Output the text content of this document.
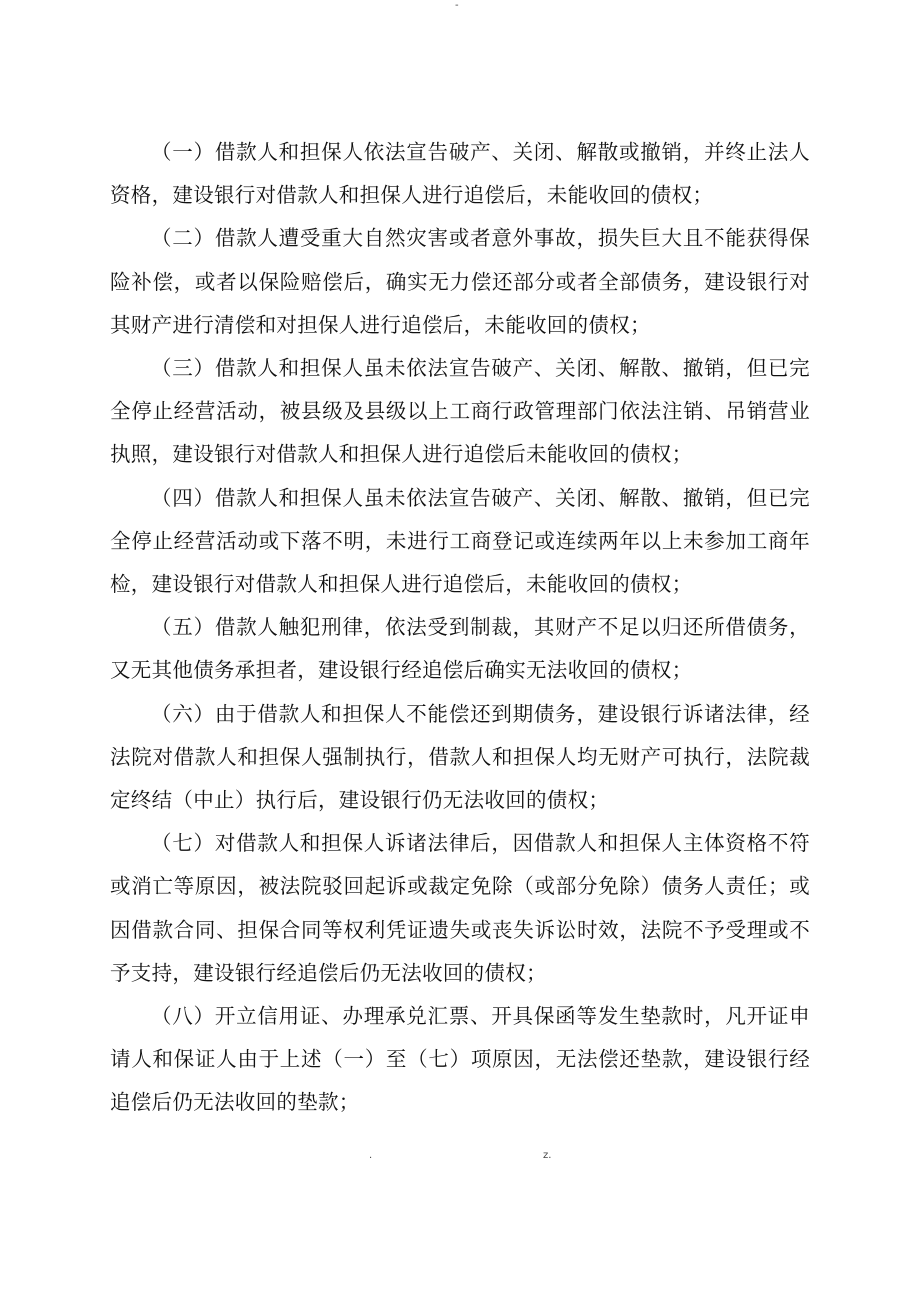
-

（一）借款人和担保人依法宣告破产、关闭、解散或撤销，并终止法人资格，建设银行对借款人和担保人进行追偿后，未能收回的债权；

（二）借款人遭受重大自然灾害或者意外事故，损失巨大且不能获得保险补偿，或者以保险赔偿后，确实无力偿还部分或者全部债务，建设银行对其财产进行清偿和对担保人进行追偿后，未能收回的债权；

（三）借款人和担保人虽未依法宣告破产、关闭、解散、撤销，但已完全停止经营活动，被县级及县级以上工商行政管理部门依法注销、吊销营业执照，建设银行对借款人和担保人进行追偿后未能收回的债权；

（四）借款人和担保人虽未依法宣告破产、关闭、解散、撤销，但已完全停止经营活动或下落不明，未进行工商登记或连续两年以上未参加工商年检，建设银行对借款人和担保人进行追偿后，未能收回的债权；

（五）借款人触犯刑律，依法受到制裁，其财产不足以归还所借债务，又无其他债务承担者，建设银行经追偿后确实无法收回的债权；

（六）由于借款人和担保人不能偿还到期债务，建设银行诉诸法律，经法院对借款人和担保人强制执行，借款人和担保人均无财产可执行，法院裁定终结（中止）执行后，建设银行仍无法收回的债权；

（七）对借款人和担保人诉诸法律后，因借款人和担保人主体资格不符或消亡等原因，被法院驳回起诉或裁定免除（或部分免除）债务人责任；或因借款合同、担保合同等权利凭证遗失或丧失诉讼时效，法院不予受理或不予支持，建设银行经追偿后仍无法收回的债权；

（八）开立信用证、办理承兑汇票、开具保函等发生垫款时，凡开证申请人和保证人由于上述（一）至（七）项原因，无法偿还垫款，建设银行经追偿后仍无法收回的垫款；

.	z.
